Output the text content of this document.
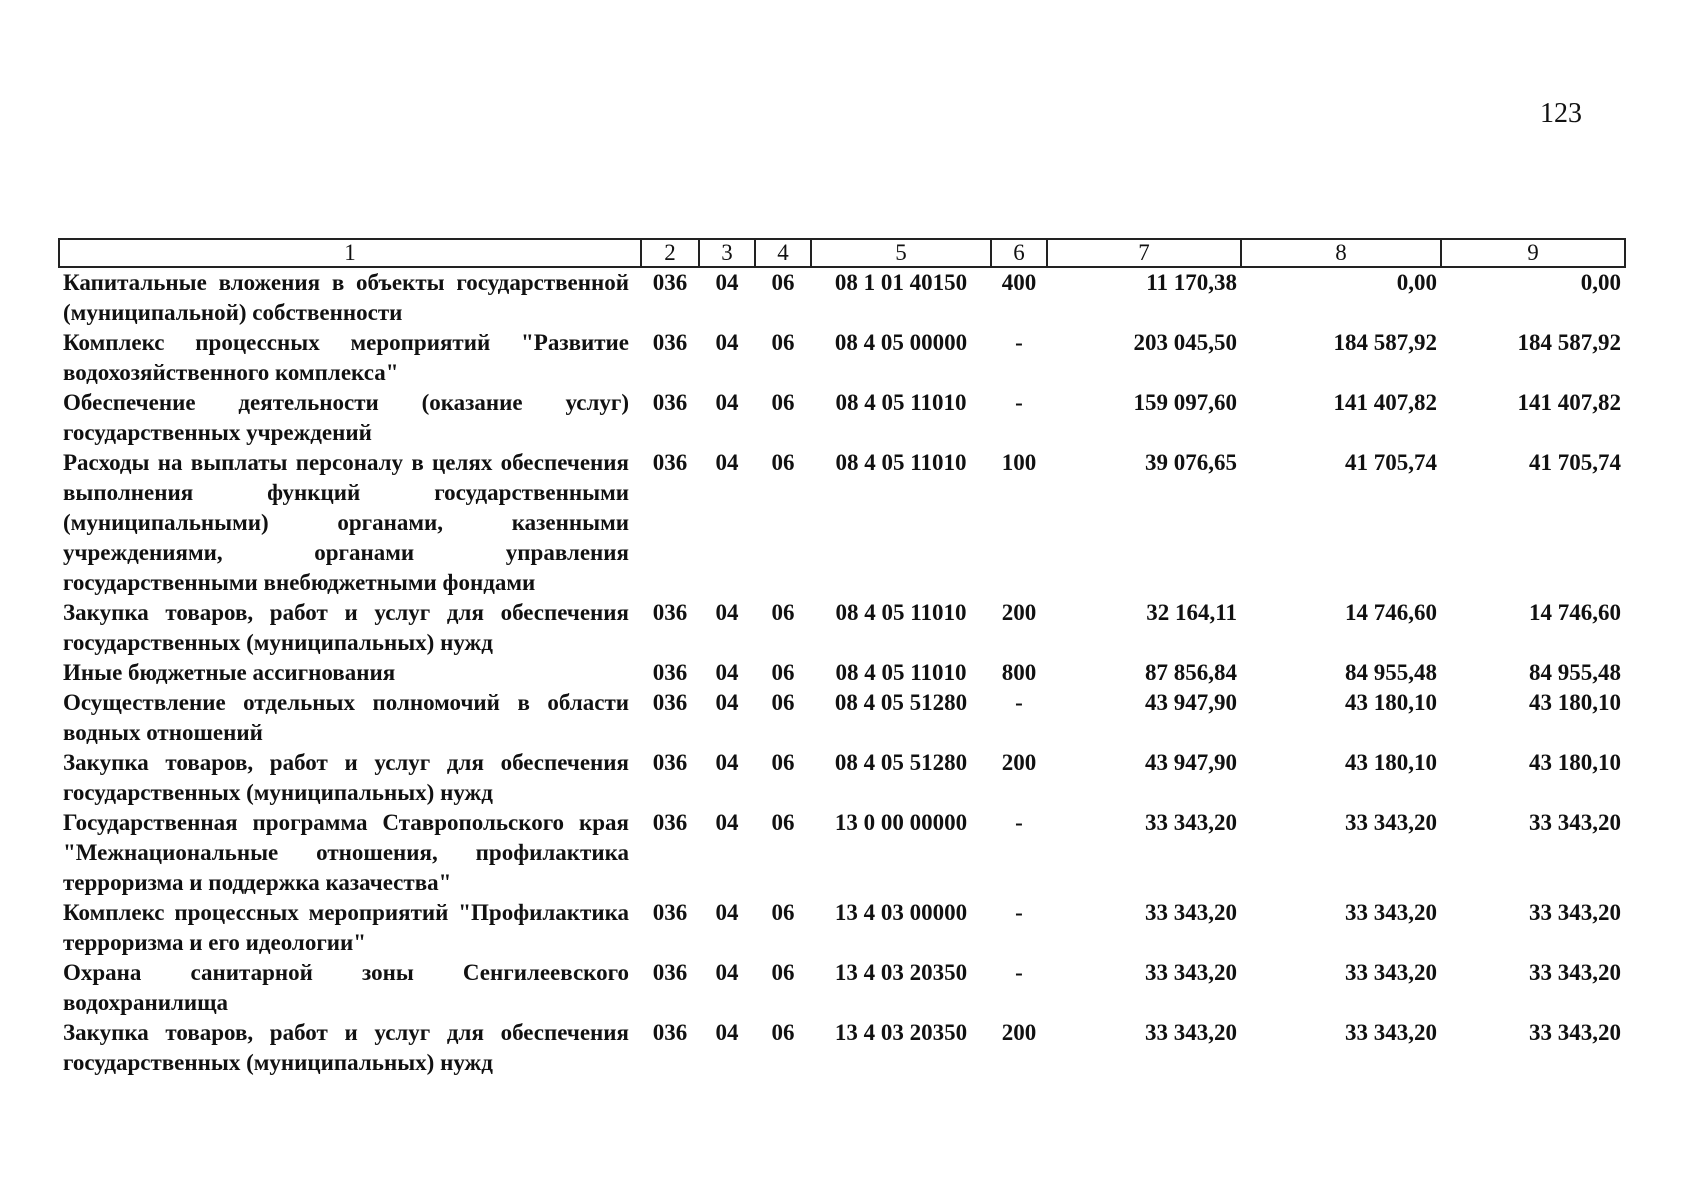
123
1	2	3	4	5	6	7	8	9
Капитальные вложения в объекты государственной (муниципальной) собственности	036	04	06	08 1 01 40150	400	11 170,38	0,00	0,00
Комплекс процессных мероприятий "Развитие водохозяйственного комплекса"	036	04	06	08 4 05 00000	-	203 045,50	184 587,92	184 587,92
Обеспечение деятельности (оказание услуг) государственных учреждений	036	04	06	08 4 05 11010	-	159 097,60	141 407,82	141 407,82
Расходы на выплаты персоналу в целях обеспечения выполнения функций государственными (муниципальными) органами, казенными учреждениями, органами управления государственными внебюджетными фондами	036	04	06	08 4 05 11010	100	39 076,65	41 705,74	41 705,74
Закупка товаров, работ и услуг для обеспечения государственных (муниципальных) нужд	036	04	06	08 4 05 11010	200	32 164,11	14 746,60	14 746,60
Иные бюджетные ассигнования	036	04	06	08 4 05 11010	800	87 856,84	84 955,48	84 955,48
Осуществление отдельных полномочий в области водных отношений	036	04	06	08 4 05 51280	-	43 947,90	43 180,10	43 180,10
Закупка товаров, работ и услуг для обеспечения государственных (муниципальных) нужд	036	04	06	08 4 05 51280	200	43 947,90	43 180,10	43 180,10
Государственная программа Ставропольского края "Межнациональные отношения, профилактика терроризма и поддержка казачества"	036	04	06	13 0 00 00000	-	33 343,20	33 343,20	33 343,20
Комплекс процессных мероприятий "Профилактика терроризма и его идеологии"	036	04	06	13 4 03 00000	-	33 343,20	33 343,20	33 343,20
Охрана санитарной зоны Сенгилеевского водохранилища	036	04	06	13 4 03 20350	-	33 343,20	33 343,20	33 343,20
Закупка товаров, работ и услуг для обеспечения государственных (муниципальных) нужд	036	04	06	13 4 03 20350	200	33 343,20	33 343,20	33 343,20
